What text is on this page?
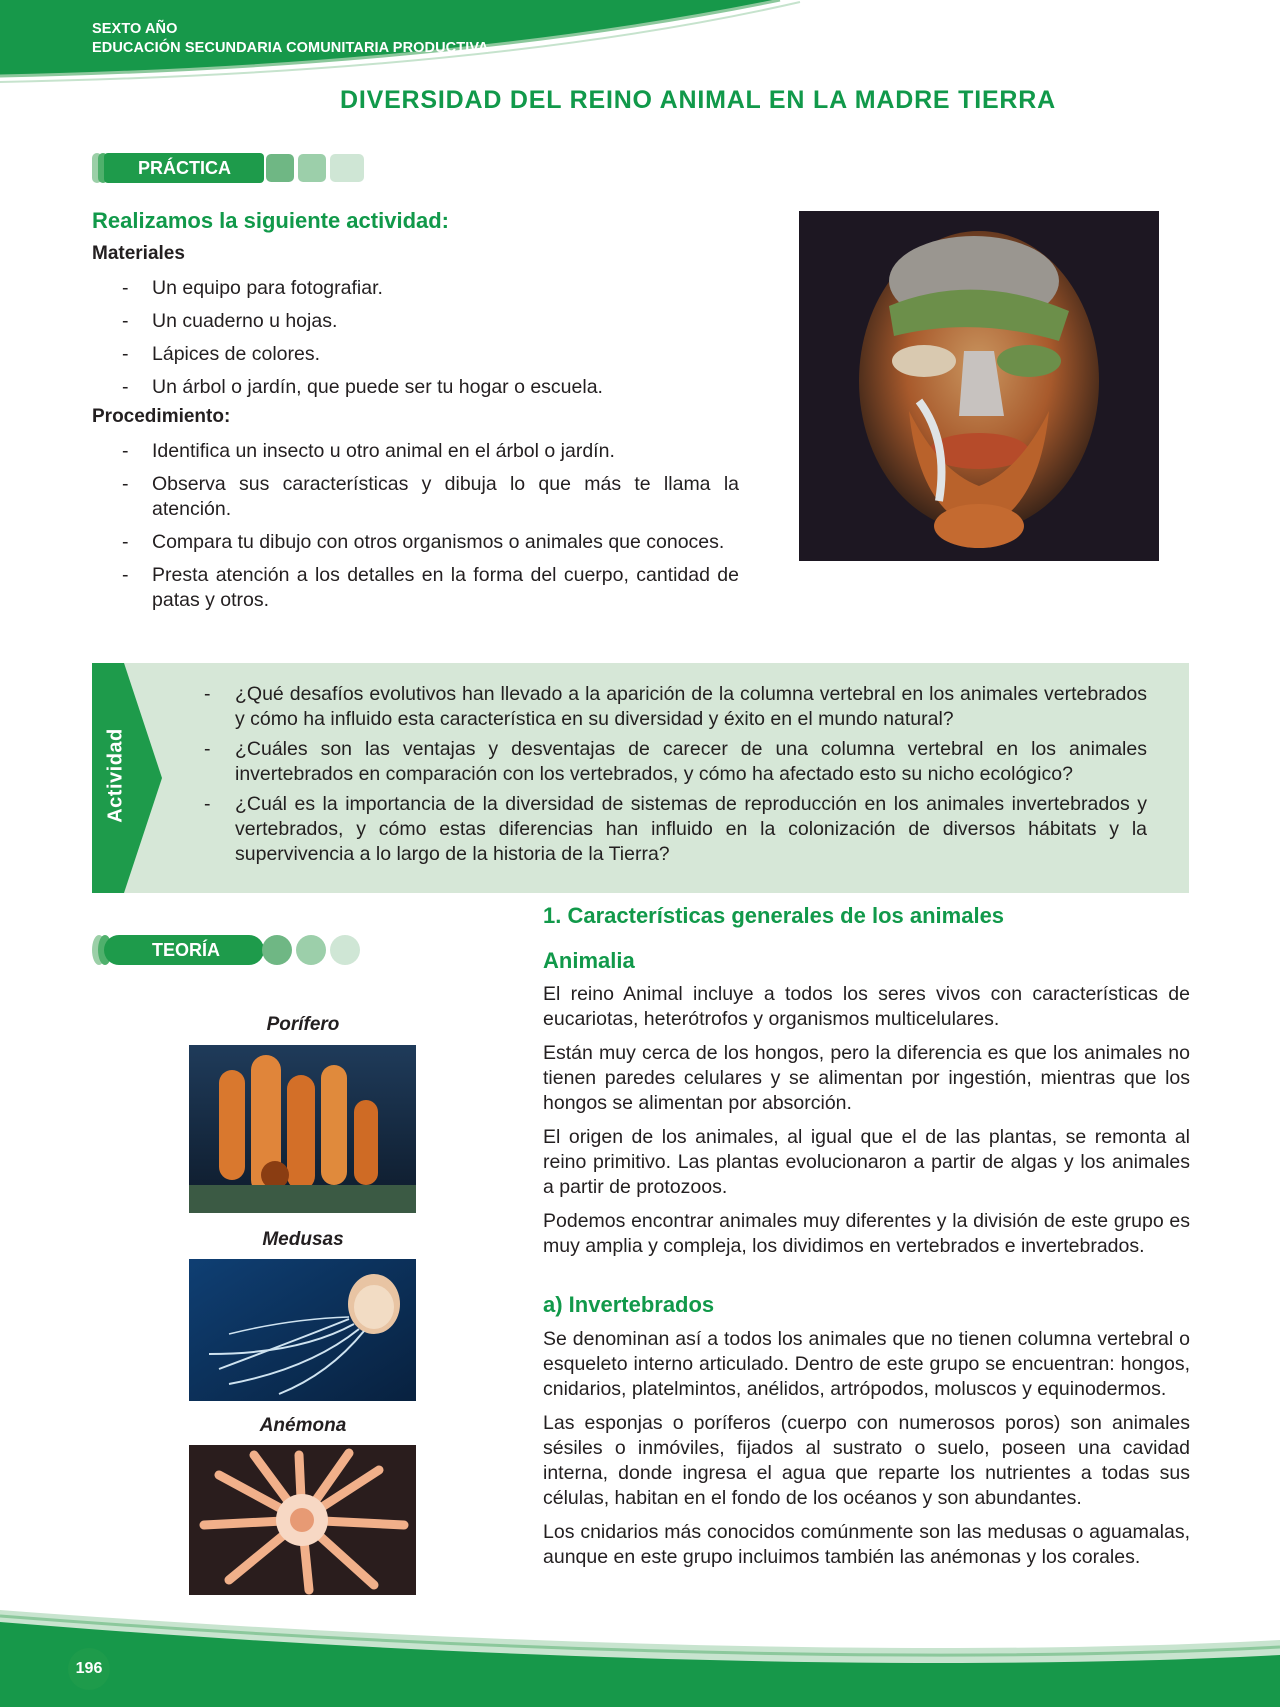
SEXTO AÑO
EDUCACIÓN SECUNDARIA COMUNITARIA PRODUCTIVA
DIVERSIDAD DEL REINO ANIMAL EN LA MADRE TIERRA
PRÁCTICA
Realizamos la siguiente actividad:
Materiales
- Un equipo para fotografiar.
- Un cuaderno u hojas.
- Lápices de colores.
- Un árbol o jardín, que puede ser tu hogar o escuela.
Procedimiento:
- Identifica un insecto u otro animal en el árbol o jardín.
- Observa sus características y dibuja lo que más te llama la atención.
- Compara tu dibujo con otros organismos o animales que conoces.
- Presta atención a los detalles en la forma del cuerpo, cantidad de patas y otros.
Actividad
- ¿Qué desafíos evolutivos han llevado a la aparición de la columna vertebral en los animales vertebrados y cómo ha influido esta característica en su diversidad y éxito en el mundo natural?
- ¿Cuáles son las ventajas y desventajas de carecer de una columna vertebral en los animales invertebrados en comparación con los vertebrados, y cómo ha afectado esto su nicho ecológico?
- ¿Cuál es la importancia de la diversidad de sistemas de reproducción en los animales invertebrados y vertebrados, y cómo estas diferencias han influido en la colonización de diversos hábitats y la supervivencia a lo largo de la historia de la Tierra?
TEORÍA
Porífero
Medusas
Anémona
1. Características generales de los animales
Animalia

El reino Animal incluye a todos los seres vivos con características de eucariotas, heterótrofos y organismos multicelulares.

Están muy cerca de los hongos, pero la diferencia es que los animales no tienen paredes celulares y se alimentan por ingestión, mientras que los hongos se alimentan por absorción.

El origen de los animales, al igual que el de las plantas, se remonta al reino primitivo. Las plantas evolucionaron a partir de algas y los animales a partir de protozoos.

Podemos encontrar animales muy diferentes y la división de este grupo es muy amplia y compleja, los dividimos en vertebrados e invertebrados.

a) Invertebrados

Se denominan así a todos los animales que no tienen columna vertebral o esqueleto interno articulado. Dentro de este grupo se encuentran: hongos, cnidarios, platelmintos, anélidos, artrópodos, moluscos y equinodermos.

Las esponjas o poríferos (cuerpo con numerosos poros) son animales sésiles o inmóviles, fijados al sustrato o suelo, poseen una cavidad interna, donde ingresa el agua que reparte los nutrientes a todas sus células, habitan en el fondo de los océanos y son abundantes.

Los cnidarios más conocidos comúnmente son las medusas o aguamalas, aunque en este grupo incluimos también las anémonas y los corales.

196
